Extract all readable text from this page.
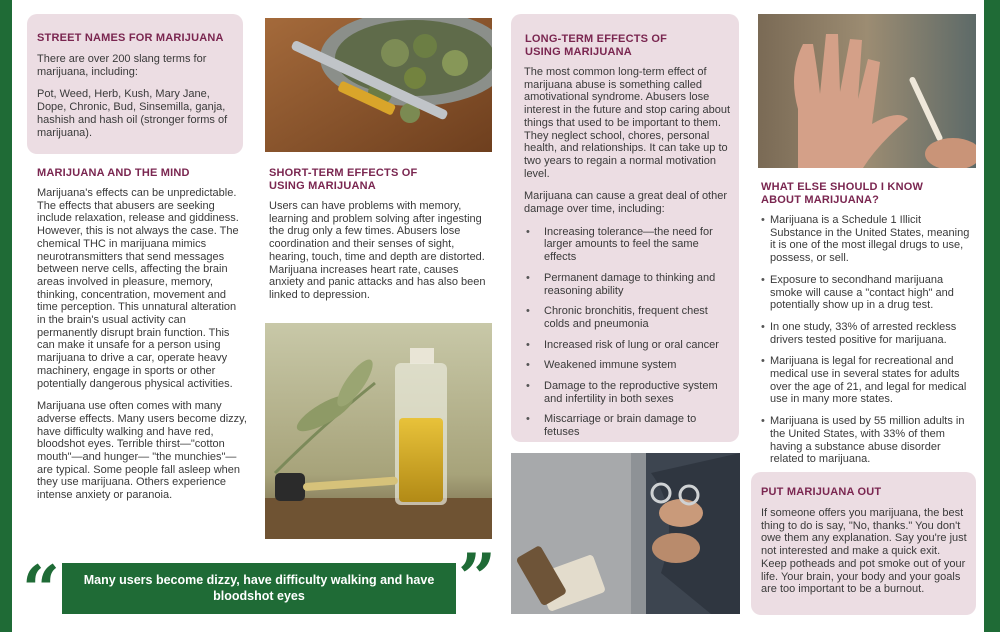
STREET NAMES FOR MARIJUANA

There are over 200 slang terms for marijuana, including:

Pot, Weed, Herb, Kush, Mary Jane, Dope, Chronic, Bud, Sinsemilla, ganja, hashish and hash oil (stronger forms of marijuana).

MARIJUANA AND THE MIND

Marijuana's effects can be unpredictable. The effects that abusers are seeking include relaxation, release and giddiness. However, this is not always the case. The chemical THC in marijuana mimics neurotransmitters that send messages between nerve cells, affecting the brain areas involved in pleasure, memory, thinking, concentration, movement and time perception. This unnatural alteration in the brain's usual activity can permanently disrupt brain function. This can make it unsafe for a person using marijuana to drive a car, operate heavy machinery, engage in sports or other potentially dangerous physical activities.

Marijuana use often comes with many adverse effects. Many users become dizzy, have difficulty walking and have red, bloodshot eyes. Terrible thirst—"cotton mouth"—and hunger— "the munchies"—are typical. Some people fall asleep when they use marijuana. Others experience intense anxiety or paranoia.

SHORT-TERM EFFECTS OF
USING MARIJUANA
Users can have problems with memory, learning and problem solving after ingesting the drug only a few times. Abusers lose coordination and their senses of sight, hearing, touch, time and depth are distorted. Marijuana increases heart rate, causes anxiety and panic attacks and has also been linked to depression.
“	Many users become dizzy, have difficulty walking and have bloodshot eyes	”
LONG-TERM EFFECTS OF
USING MARIJUANA

The most common long-term effect of marijuana abuse is something called amotivational syndrome. Abusers lose interest in the future and stop caring about things that used to be important to them. They neglect school, chores, personal health, and relationships. It can take up to two years to regain a normal motivation level.

Marijuana can cause a great deal of other damage over time, including:

• Increasing tolerance—the need for larger amounts to feel the same effects
• Permanent damage to thinking and reasoning ability
• Chronic bronchitis, frequent chest colds and pneumonia
• Increased risk of lung or oral cancer
• Weakened immune system
• Damage to the reproductive system and infertility in both sexes
• Miscarriage or brain damage to fetuses
WHAT ELSE SHOULD I KNOW
ABOUT MARIJUANA?
• Marijuana is a Schedule 1 Illicit Substance in the United States, meaning it is one of the most illegal drugs to use, possess, or sell.
• Exposure to secondhand marijuana smoke will cause a "contact high" and potentially show up in a drug test.
• In one study, 33% of arrested reckless drivers tested positive for marijuana.
• Marijuana is legal for recreational and medical use in several states for adults over the age of 21, and legal for medical use in many more states.
• Marijuana is used by 55 million adults in the United States, with 33% of them having a substance abuse disorder related to marijuana.
PUT MARIJUANA OUT
If someone offers you marijuana, the best thing to do is say, "No, thanks." You don't owe them any explanation. Say you're just not interested and make a quick exit. Keep potheads and pot smoke out of your life. Your brain, your body and your goals are too important to be a burnout.
